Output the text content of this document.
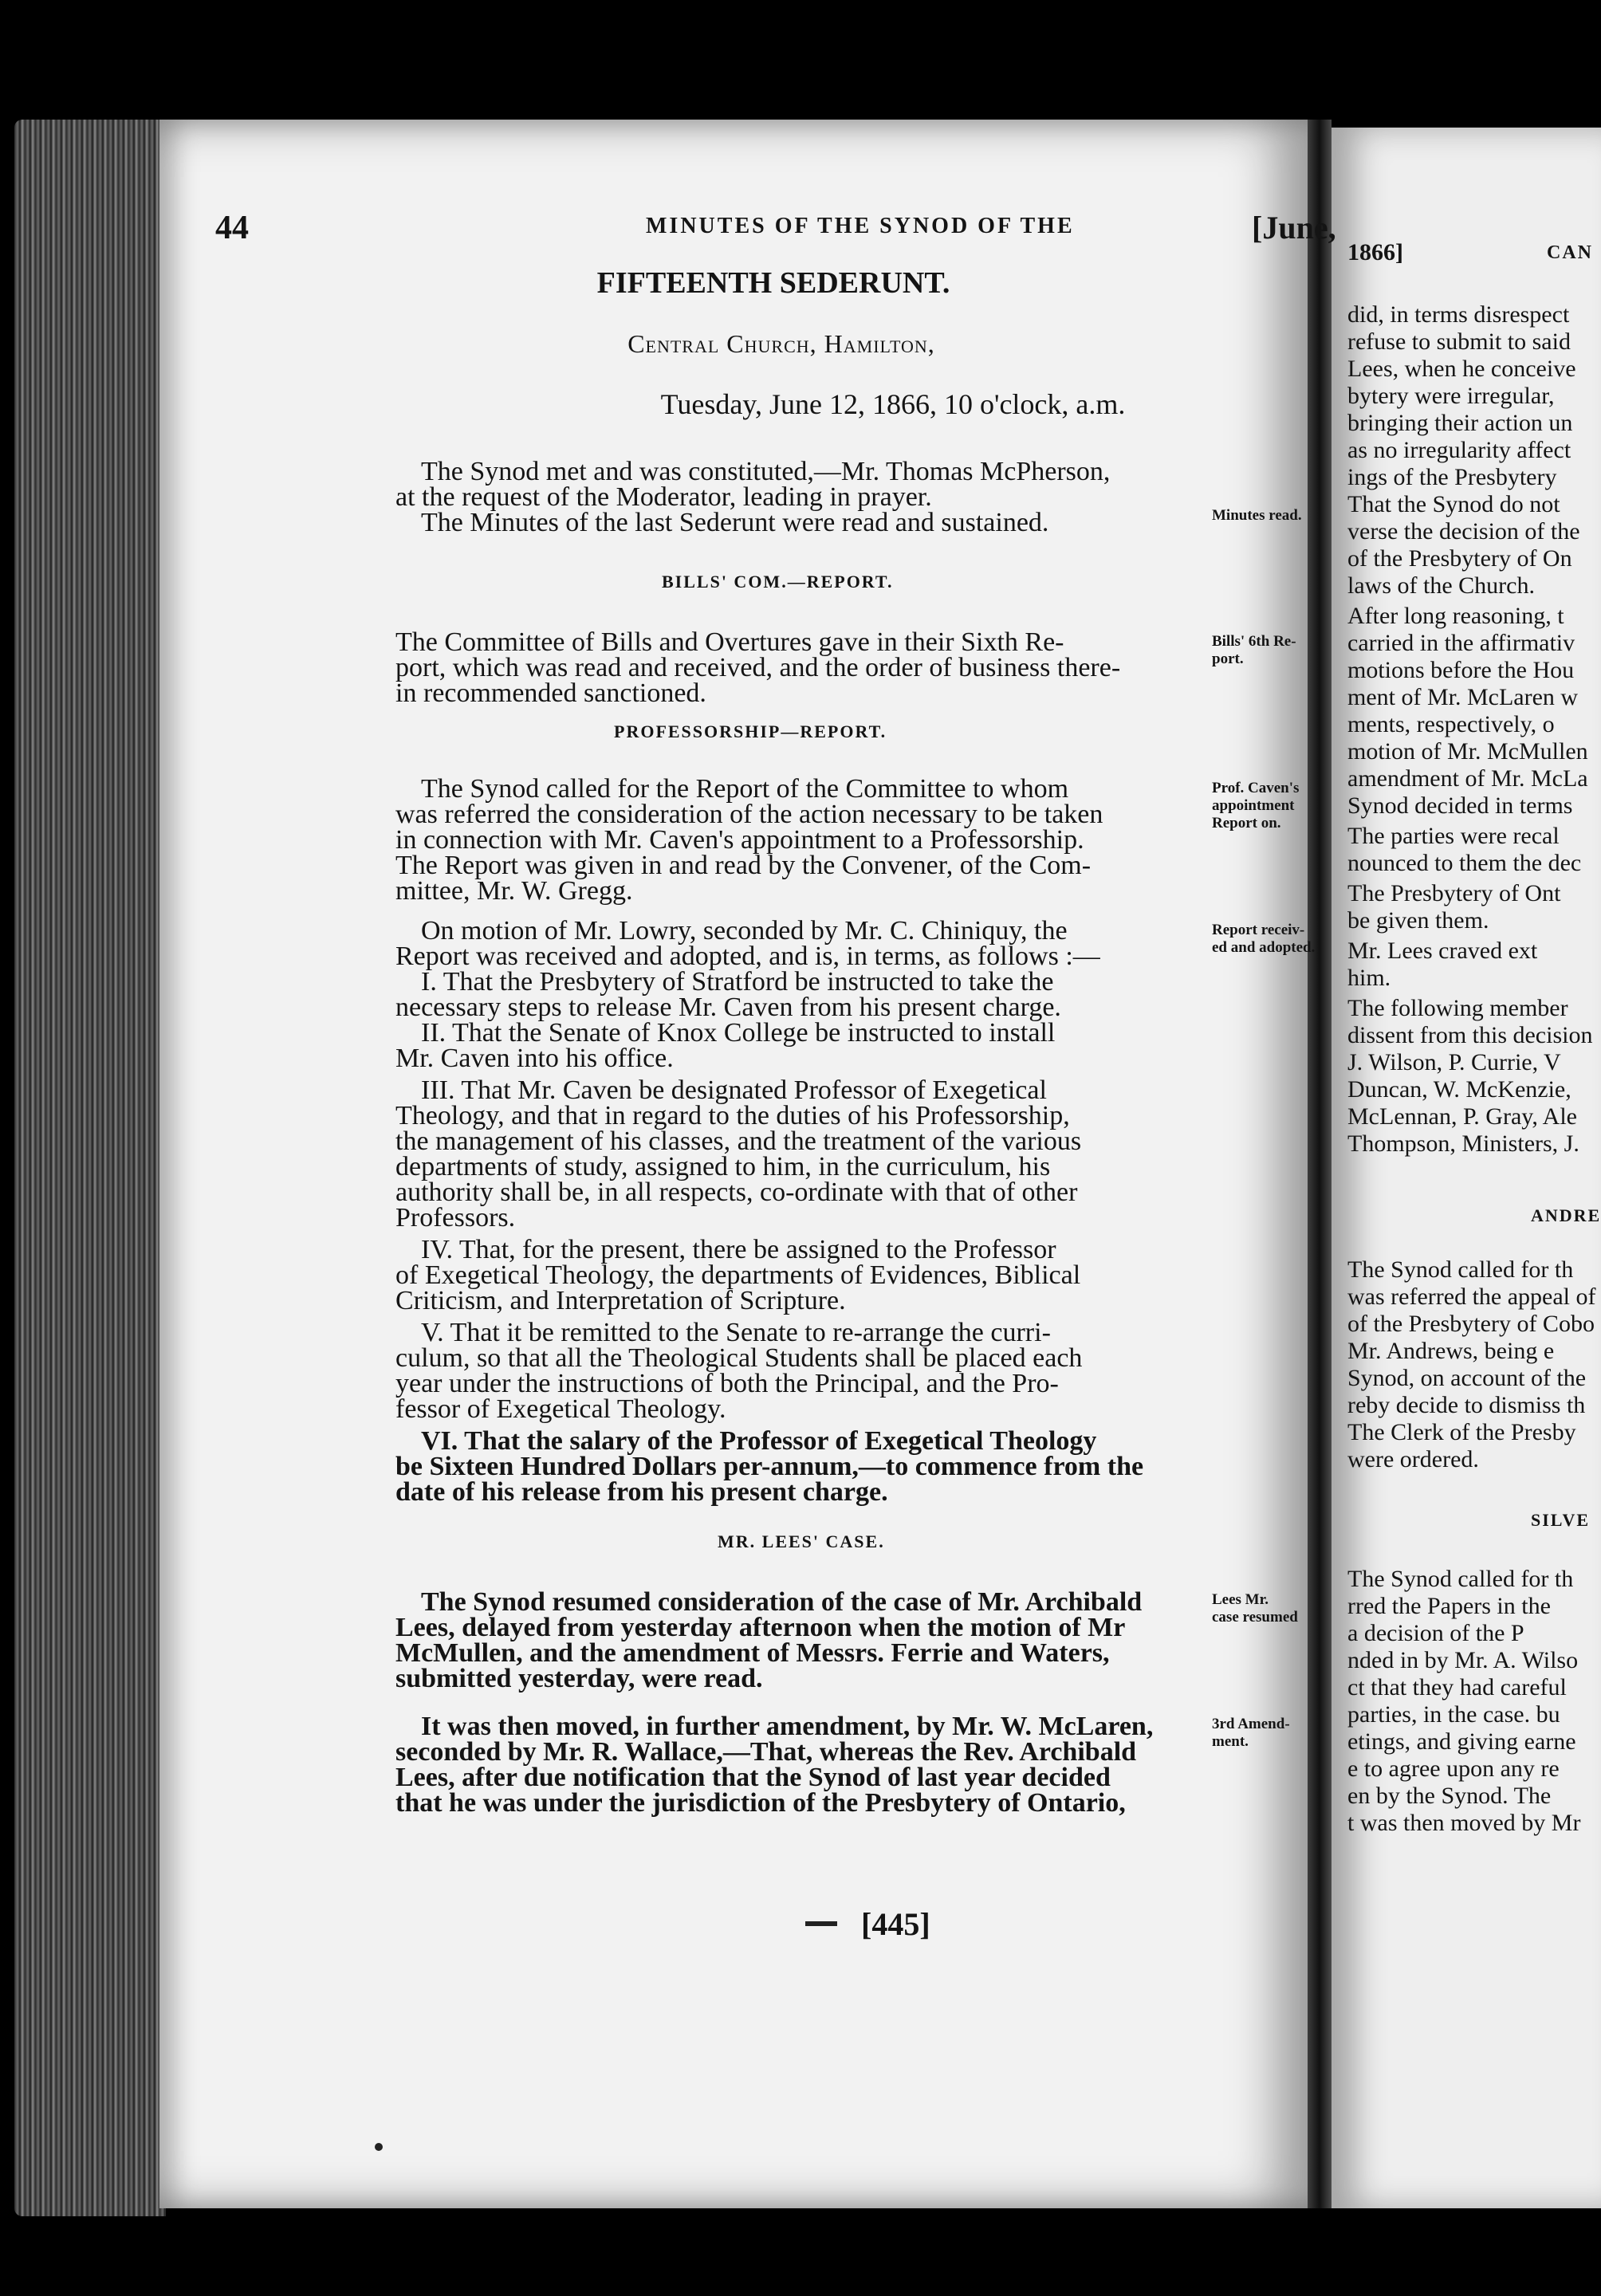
44	MINUTES OF THE SYNOD OF THE	[June,
FIFTEENTH SEDERUNT.
Central Church, Hamilton,
Tuesday, June 12, 1866, 10 o'clock, a.m.
The Synod met and was constituted,—Mr. Thomas McPherson,
at the request of the Moderator, leading in prayer.
The Minutes of the last Sederunt were read and sustained.
BILLS' COM.—REPORT.
The Committee of Bills and Overtures gave in their Sixth Re-
port, which was read and received, and the order of business there-
in recommended sanctioned.
PROFESSORSHIP—REPORT.
The Synod called for the Report of the Committee to whom
was referred the consideration of the action necessary to be taken
in connection with Mr. Caven's appointment to a Professorship.
The Report was given in and read by the Convener, of the Com-
mittee, Mr. W. Gregg.
On motion of Mr. Lowry, seconded by Mr. C. Chiniquy, the
Report was received and adopted, and is, in terms, as follows :—
I. That the Presbytery of Stratford be instructed to take the
necessary steps to release Mr. Caven from his present charge.
II. That the Senate of Knox College be instructed to install
Mr. Caven into his office.
III. That Mr. Caven be designated Professor of Exegetical
Theology, and that in regard to the duties of his Professorship,
the management of his classes, and the treatment of the various
departments of study, assigned to him, in the curriculum, his
authority shall be, in all respects, co-ordinate with that of other
Professors.
IV. That, for the present, there be assigned to the Professor
of Exegetical Theology, the departments of Evidences, Biblical
Criticism, and Interpretation of Scripture.
V. That it be remitted to the Senate to re-arrange the curri-
culum, so that all the Theological Students shall be placed each
year under the instructions of both the Principal, and the Pro-
fessor of Exegetical Theology.
VI. That the salary of the Professor of Exegetical Theology
be Sixteen Hundred Dollars per-annum,—to commence from the
date of his release from his present charge.
MR. LEES' CASE.
The Synod resumed consideration of the case of Mr. Archibald
Lees, delayed from yesterday afternoon when the motion of Mr
McMullen, and the amendment of Messrs. Ferrie and Waters,
submitted yesterday, were read.
It was then moved, in further amendment, by Mr. W. McLaren,
seconded by Mr. R. Wallace,—That, whereas the Rev. Archibald
Lees, after due notification that the Synod of last year decided
that he was under the jurisdiction of the Presbytery of Ontario,
Minutes read.
Bills' 6th Re-
port.
Prof. Caven's
appointment
Report on.
Report receiv-
ed and adopted.
Lees Mr.
case resumed
3rd Amend-
ment.
[445]
1866]	CAN
did, in terms disrespect
refuse to submit to said
Lees, when he conceive
bytery were irregular,
bringing their action un
as no irregularity affect
ings of the Presbytery
That the Synod do not
verse the decision of the
of the Presbytery of On
laws of the Church.
After long reasoning, t
carried in the affirmativ
motions before the Hou
ment of Mr. McLaren w
ments, respectively, o
motion of Mr. McMullen
amendment of Mr. McLa
Synod decided in terms
The parties were recal
nounced to them the dec
The Presbytery of Ont
be given them.
Mr. Lees craved ext
him.
The following member
dissent from this decision
J. Wilson, P. Currie, V
Duncan, W. McKenzie,
McLennan, P. Gray, Ale
Thompson, Ministers, J.
ANDRE
The Synod called for th
was referred the appeal of
of the Presbytery of Cobo
Mr. Andrews, being e
Synod, on account of the
reby decide to dismiss th
The Clerk of the Presby
were ordered.
SILVE
The Synod called for th
rred the Papers in the
a decision of the P
nded in by Mr. A. Wilso
ct that they had careful
parties, in the case. bu
etings, and giving earne
e to agree upon any re
en by the Synod. The
t was then moved by Mr
